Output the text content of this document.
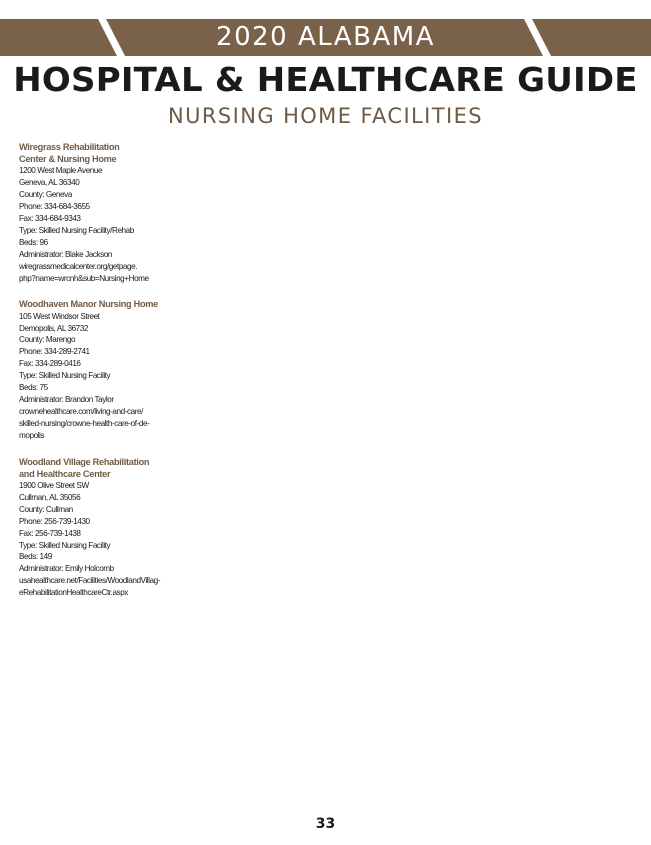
2020 ALABAMA
HOSPITAL & HEALTHCARE GUIDE
NURSING HOME FACILITIES
Wiregrass Rehabilitation
Center & Nursing Home
1200 West Maple Avenue
Geneva, AL 36340
County: Geneva
Phone: 334-684-3655
Fax: 334-684-9343
Type: Skilled Nursing Facility/Rehab
Beds: 96
Administrator: Blake Jackson
wiregrassmedicalcenter.org/getpage.
php?name=wrcnh&sub=Nursing+Home
Woodhaven Manor Nursing Home
105 West Windsor Street
Demopolis, AL 36732
County: Marengo
Phone: 334-289-2741
Fax: 334-289-0416
Type: Skilled Nursing Facility
Beds: 75
Administrator: Brandon Taylor
crownehealthcare.com/living-and-care/
skilled-nursing/crowne-health-care-of-de-
mopolis
Woodland Village Rehabilitation
and Healthcare Center
1900 Olive Street SW
Cullman, AL 35056
County: Cullman
Phone: 256-739-1430
Fax: 256-739-1438
Type: Skilled Nursing Facility
Beds: 149
Administrator: Emily Holcomb
usahealthcare.net/Facilities/WoodlandVillag-
eRehabilitationHealthcareCtr.aspx
33
